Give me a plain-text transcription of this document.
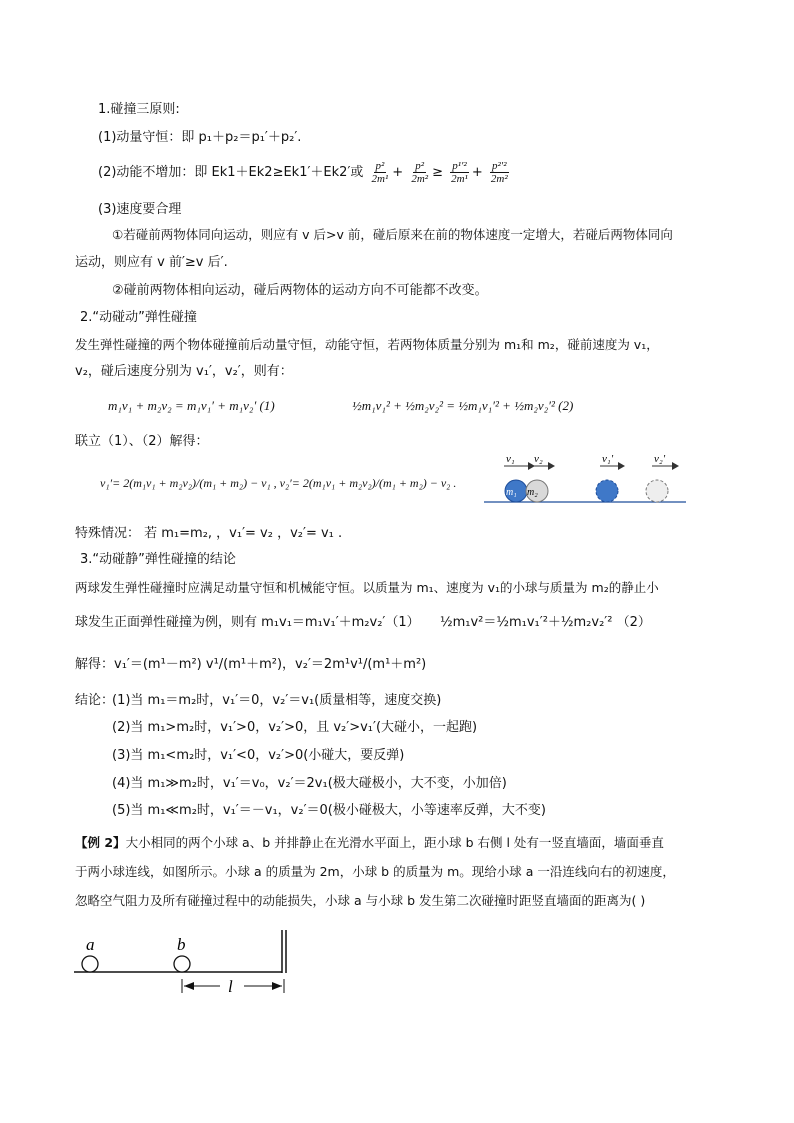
1.碰撞三原则:
(1)动量守恒：即 p₁＋p₂＝p₁′＋p₂′.
(2)动能不增加：即 Ek1＋Ek2≥Ek1′＋Ek2′或 $\frac{\text{p²}}{\text{2m¹}} + \frac{\text{p²}}{\text{2m²}} \ge \frac{\text{p¹′²}}{\text{2m¹}} + \frac{\text{p²′²}}{\text{2m²}}$
(3)速度要合理
①若碰前两物体同向运动，则应有 v 后>v 前，碰后原来在前的物体速度一定增大，若碰后两物体同向
运动，则应有 v 前′≥v 后′.
②碰前两物体相向运动，碰后两物体的运动方向不可能都不改变。
2.“动碰动”弹性碰撞
发生弹性碰撞的两个物体碰撞前后动量守恒，动能守恒，若两物体质量分别为 m₁和 m₂，碰前速度为 v₁，
v₂，碰后速度分别为 v₁′，v₂′，则有：
m₁v₁ + m₂v₂ = m₁v₁′ + m₁v₂′ (1)	½m₁v₁² + ½m₂v₂² = ½m₁v₁′² + ½m₂v₂′² (2)
联立（1）、（2）解得：
v₁′= 2(m₁v₁ + m₂v₂)/(m₁ + m₂) − v₁ , v₂′= 2(m₁v₁ + m₂v₂)/(m₁ + m₂) − v₂ .
v₁ v₂
m₁ m₂
v₁′	v₂′
特殊情况： 若 m₁=m₂, ，v₁′= v₂ ，v₂′= v₁ .
3.“动碰静”弹性碰撞的结论
两球发生弹性碰撞时应满足动量守恒和机械能守恒。以质量为 m₁、速度为 v₁的小球与质量为 m₂的静止小
球发生正面弹性碰撞为例，则有 m₁v₁＝m₁v₁′＋m₂v₂′（1） ½m₁v²＝½m₁v₁′²＋½m₂v₂′² （2）
解得：v₁′＝(m¹－m²) v¹/(m¹＋m²)，v₂′＝2m¹v¹/(m¹＋m²)
结论：
(1)当 m₁＝m₂时，v₁′＝0，v₂′＝v₁(质量相等，速度交换)
(2)当 m₁>m₂时，v₁′>0，v₂′>0，且 v₂′>v₁′(大碰小，一起跑)
(3)当 m₁<m₂时，v₁′<0，v₂′>0(小碰大，要反弹)
(4)当 m₁≫m₂时，v₁′＝v₀，v₂′＝2v₁(极大碰极小，大不变，小加倍)
(5)当 m₁≪m₂时，v₁′＝－v₁，v₂′＝0(极小碰极大，小等速率反弹，大不变)
【例 2】大小相同的两个小球 a、b 并排静止在光滑水平面上，距小球 b 右侧 l 处有一竖直墙面，墙面垂直
于两小球连线，如图所示。小球 a 的质量为 2m，小球 b 的质量为 m。现给小球 a 一沿连线向右的初速度，
忽略空气阻力及所有碰撞过程中的动能损失，小球 a 与小球 b 发生第二次碰撞时距竖直墙面的距离为( )
a	b
l
